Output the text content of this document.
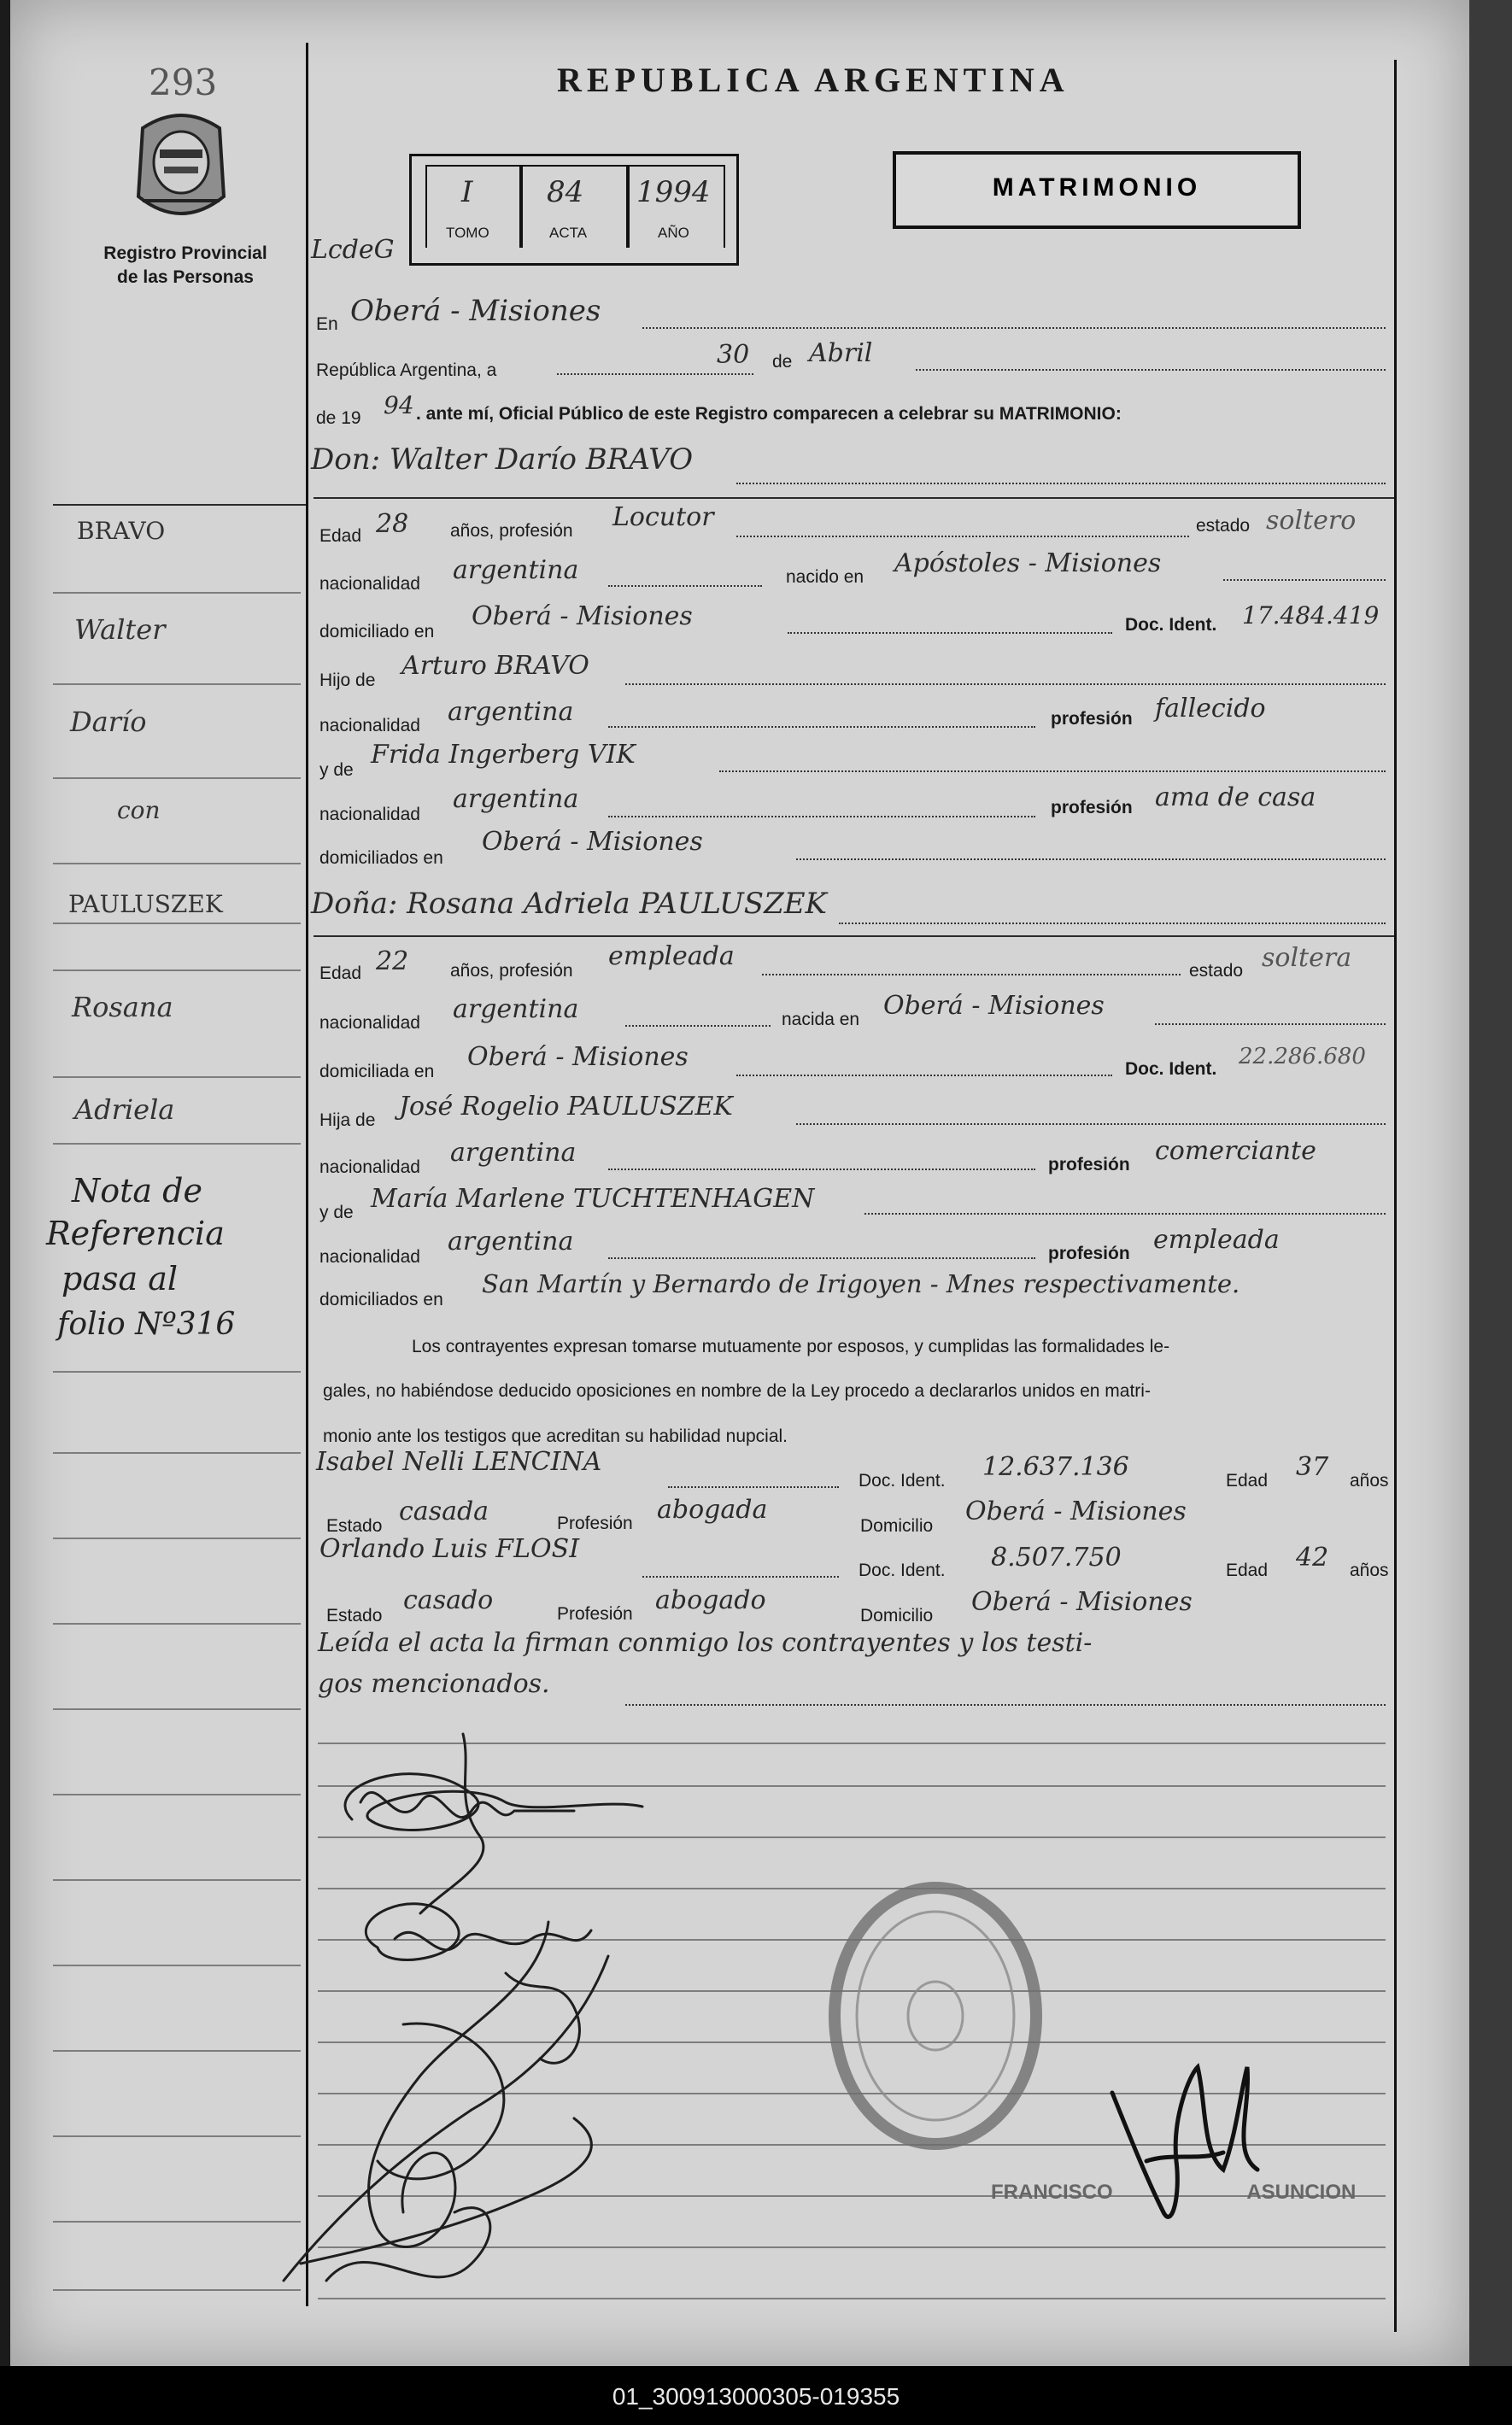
293
Registro Provincial
de las Personas
REPUBLICA ARGENTINA
MATRIMONIO
LcdeG
I
TOMO
84
ACTA
1994
AÑO
En Oberá - Misiones
República Argentina, a
30 de Abril
de 19 94 . ante mí, Oficial Público de este Registro comparecen a celebrar su MATRIMONIO:
Don: Walter Darío BRAVO
Edad 28 años, profesión Locutor	estado soltero
nacionalidad argentina	nacido en Apóstoles - Misiones
domiciliado en
Oberá - Misiones	Doc. Ident. 17.484.419
Hijo de Arturo BRAVO
nacionalidad argentina	profesión fallecido
y de
Frida Ingerberg VIK
nacionalidad
argentina	profesión ama de casa
domiciliados en
Oberá - Misiones
Doña: Rosana Adriela PAULUSZEK
Edad 22 años, profesión empleada	estado soltera
nacionalidad argentina	nacida en Oberá - Misiones
domiciliada en Oberá - Misiones	Doc. Ident. 22.286.680
Hija de José Rogelio PAULUSZEK
nacionalidad argentina	profesión comerciante
y de María Marlene TUCHTENHAGEN
nacionalidad
argentina	profesión empleada
domiciliados en
San Martín y Bernardo de Irigoyen - Mnes respectivamente.
Los contrayentes expresan tomarse mutuamente por esposos, y cumplidas las formalidades le-
gales, no habiéndose deducido oposiciones en nombre de la Ley procedo a declararlos unidos en matri-
monio ante los testigos que acreditan su habilidad nupcial.
Isabel Nelli LENCINA
Doc. Ident. 12.637.136	Edad 37 años
Estado casada	Profesión abogada
Domicilio Oberá - Misiones
Orlando Luis FLOSI
Doc. Ident. 8.507.750	Edad 42 años
Estado
casado	Profesión abogado
Domicilio Oberá - Misiones
Leída el acta la firman conmigo los contrayentes y los testi-
gos mencionados.
BRAVO
Walter
Darío
con
PAULUSZEK
Rosana
Adriela
Nota de
Referencia
pasa al
folio Nº316
FRANCISCO	ASUNCION
01_300913000305-019355
